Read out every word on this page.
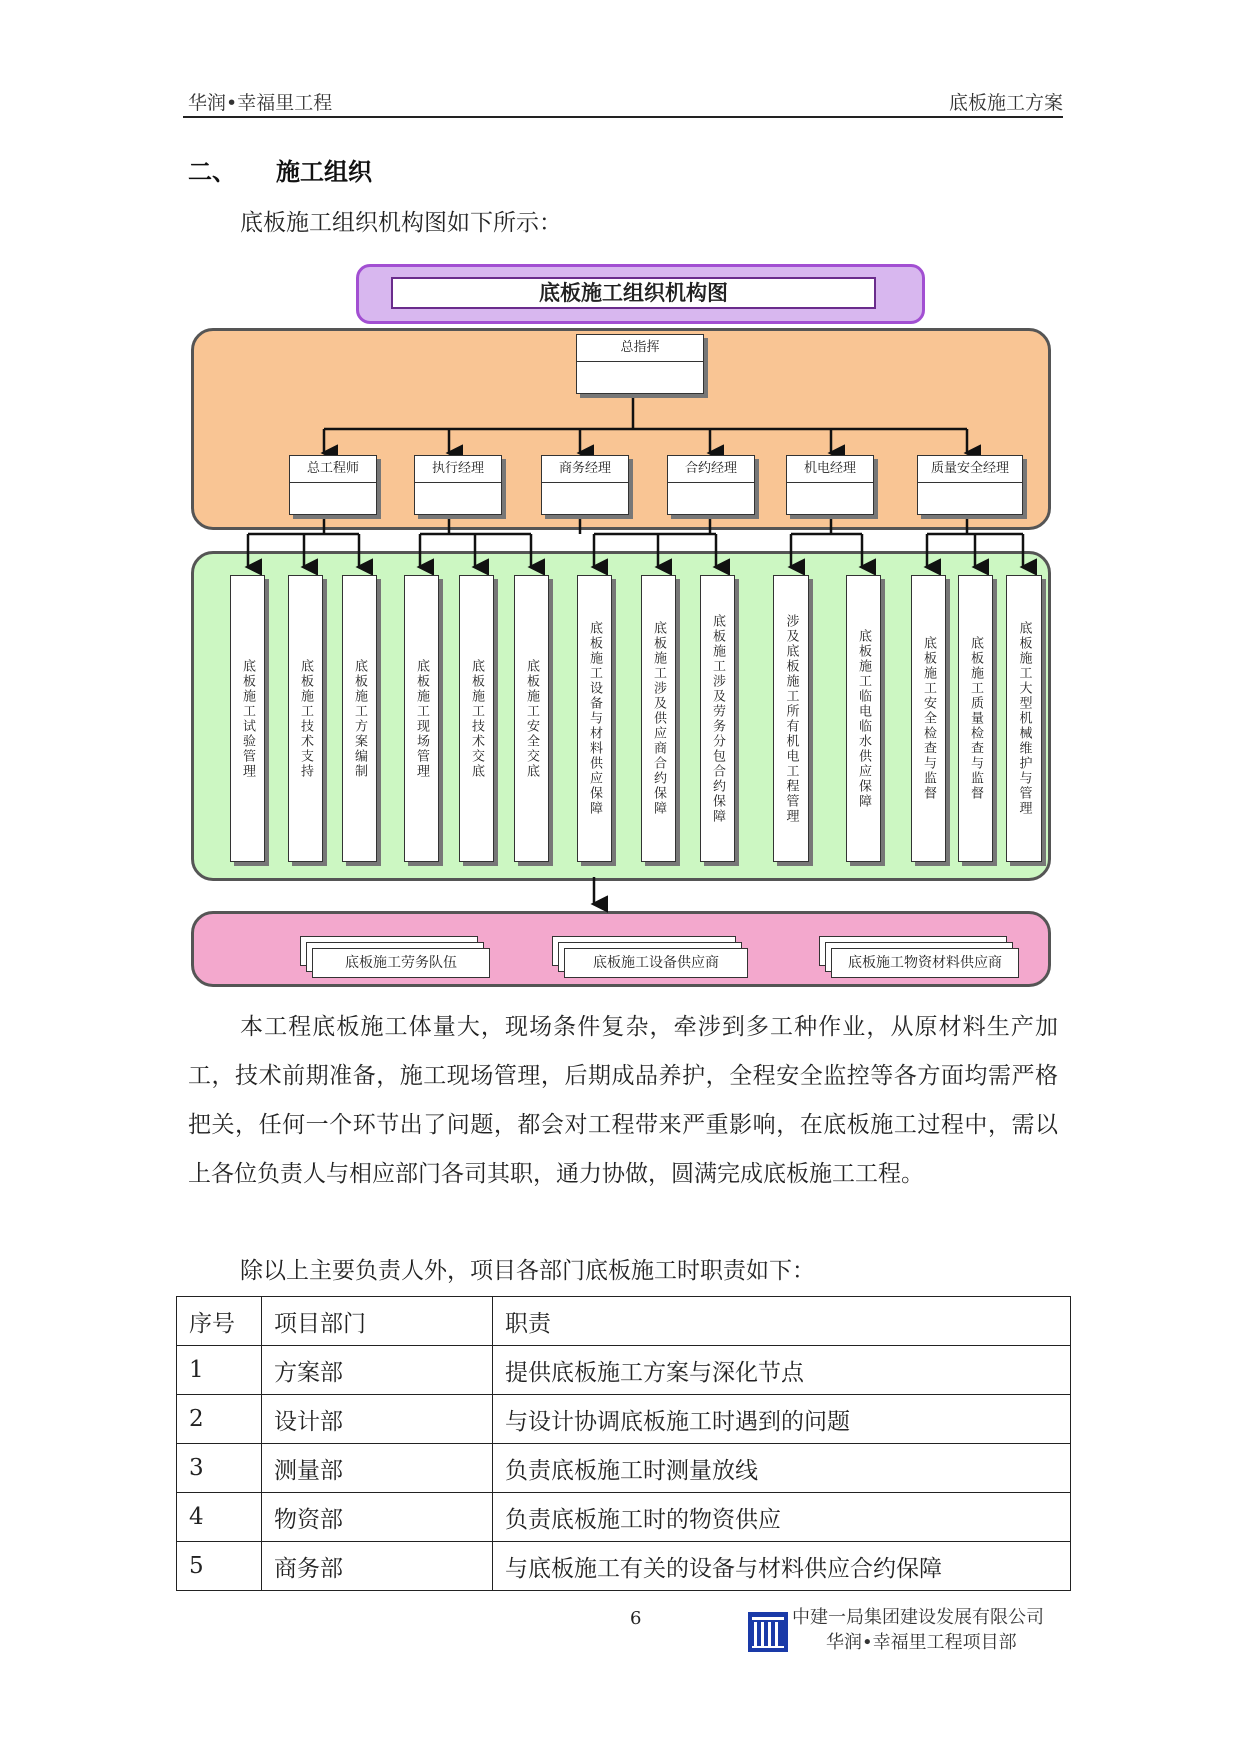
华润•幸福里工程	底板施工方案
二、 施工组织
底板施工组织机构图如下所示：
底板施工组织机构图
总指挥
总工程师	执行经理	商务经理	合约经理	机电经理	质量安全经理
底板施工试验管理	底板施工技术支持	底板施工方案编制	底板施工现场管理	底板施工技术交底	底板施工安全交底	底板施工设备与材料供应保障	底板施工涉及供应商合约保障	底板施工涉及劳务分包合约保障	涉及底板施工所有机电工程管理	底板施工临电临水供应保障	底板施工安全检查与监督	底板施工质量检查与监督	底板施工大型机械维护与管理
底板施工劳务队伍	底板施工设备供应商	底板施工物资材料供应商
本工程底板施工体量大，现场条件复杂，牵涉到多工种作业，从原材料生产加工，技术前期准备，施工现场管理，后期成品养护，全程安全监控等各方面均需严格把关，任何一个环节出了问题，都会对工程带来严重影响，在底板施工过程中，需以上各位负责人与相应部门各司其职，通力协做，圆满完成底板施工工程。
除以上主要负责人外，项目各部门底板施工时职责如下：
序号	项目部门	职责
1	方案部	提供底板施工方案与深化节点
2	设计部	与设计协调底板施工时遇到的问题
3	测量部	负责底板施工时测量放线
4	物资部	负责底板施工时的物资供应
5	商务部	与底板施工有关的设备与材料供应合约保障
6	中建一局集团建设发展有限公司
华润•幸福里工程项目部
